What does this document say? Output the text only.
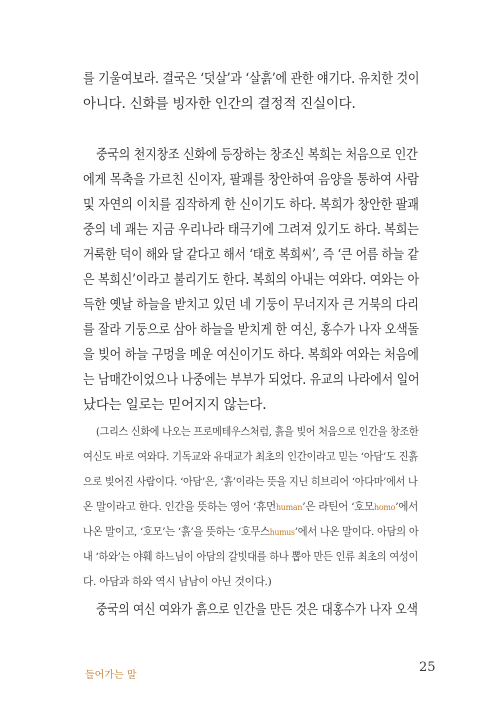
를 기울여보라. 결국은 ‘덧살’과 ‘살흙’에 관한 얘기다. 유치한 것이
아니다. 신화를 빙자한 인간의 결정적 진실이다.
중국의 천지창조 신화에 등장하는 창조신 복희는 처음으로 인간
에게 목축을 가르친 신이자, 팔괘를 창안하여 음양을 통하여 사람
및 자연의 이치를 짐작하게 한 신이기도 하다. 복희가 창안한 팔괘
중의 네 괘는 지금 우리나라 태극기에 그려져 있기도 하다. 복희는
거룩한 덕이 해와 달 같다고 해서 ‘태호 복희씨’, 즉 ‘큰 어름 하늘 같
은 복희신’이라고 불리기도 한다. 복희의 아내는 여와다. 여와는 아
득한 옛날 하늘을 받치고 있던 네 기둥이 무너지자 큰 거북의 다리
를 잘라 기둥으로 삼아 하늘을 받치게 한 여신, 홍수가 나자 오색돌
을 빚어 하늘 구멍을 메운 여신이기도 하다. 복희와 여와는 처음에
는 남매간이었으나 나중에는 부부가 되었다. 유교의 나라에서 일어
났다는 일로는 믿어지지 않는다.
(그리스 신화에 나오는 프로메테우스처럼, 흙을 빚어 처음으로 인간을 창조한
여신도 바로 여와다. 기독교와 유대교가 최초의 인간이라고 믿는 ‘아담’도 진흙
으로 빚어진 사람이다. ‘아담’은, ‘흙’이라는 뜻을 지닌 히브리어 ‘아다마’에서 나
온 말이라고 한다. 인간을 뜻하는 영어 ‘휴먼human’은 라틴어 ‘호모homo’에서
나온 말이고, ‘호모’는 ‘흙’을 뜻하는 ‘호무스humus’에서 나온 말이다. 아담의 아
내 ‘하와’는 야훼 하느님이 아담의 갈빗대를 하나 뽑아 만든 인류 최초의 여성이
다. 아담과 하와 역시 남남이 아닌 것이다.)
중국의 여신 여와가 흙으로 인간을 만든 것은 대홍수가 나자 오색
들어가는 말
25
